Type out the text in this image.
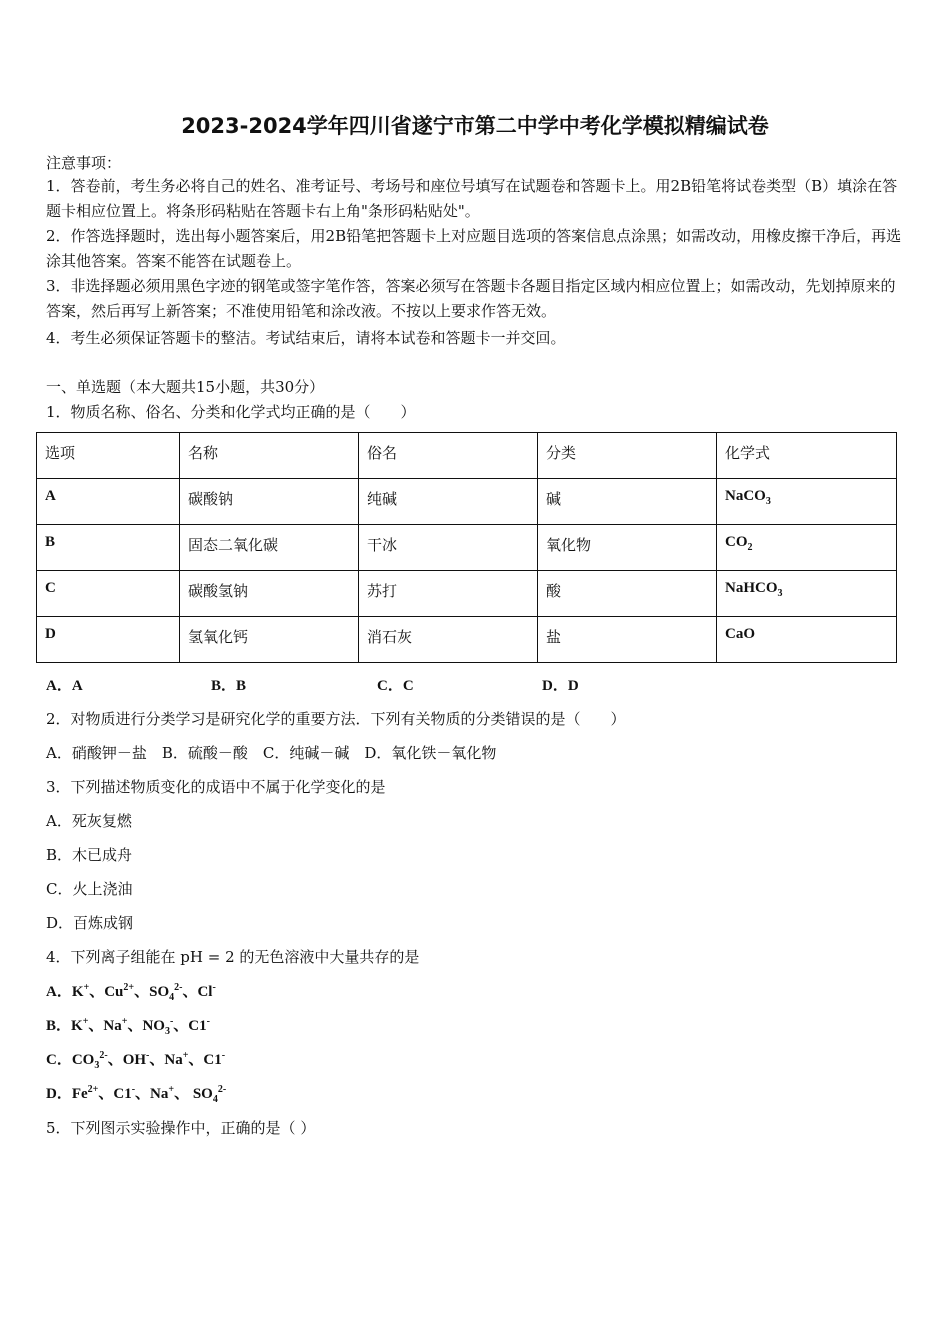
2023-2024学年四川省遂宁市第二中学中考化学模拟精编试卷
注意事项：
1．答卷前，考生务必将自己的姓名、准考证号、考场号和座位号填写在试题卷和答题卡上。用2B铅笔将试卷类型（B）填涂在答题卡相应位置上。将条形码粘贴在答题卡右上角"条形码粘贴处"。
2．作答选择题时，选出每小题答案后，用2B铅笔把答题卡上对应题目选项的答案信息点涂黑；如需改动，用橡皮擦干净后，再选涂其他答案。答案不能答在试题卷上。
3．非选择题必须用黑色字迹的钢笔或签字笔作答，答案必须写在答题卡各题目指定区域内相应位置上；如需改动，先划掉原来的答案，然后再写上新答案；不准使用铅笔和涂改液。不按以上要求作答无效。
4．考生必须保证答题卡的整洁。考试结束后，请将本试卷和答题卡一并交回。
一、单选题（本大题共15小题，共30分）
1．物质名称、俗名、分类和化学式均正确的是（　　）
选项	名称	俗名	分类	化学式
A	碳酸钠	纯碱	碱	NaCO$_3$
B	固态二氧化碳	干冰	氧化物	$CO_2$
C	碳酸氢钠	苏打	酸	NaHCO$_3$
D	氢氧化钙	消石灰	盐	CaO
A．A	B．B	C．C	D．D
2．对物质进行分类学习是研究化学的重要方法．下列有关物质的分类错误的是（　　）
A．硝酸钾－盐　B．硫酸－酸　C．纯碱－碱　D．氧化铁－氧化物
3．下列描述物质变化的成语中不属于化学变化的是
A．死灰复燃
B．木已成舟
C．火上浇油
D．百炼成钢
4．下列离子组能在 pH = 2 的无色溶液中大量共存的是
A．K+、$Cu^{2+}$、$SO_4^{2-}$、Cl-
B．K+、Na+、$NO_3^-$、C1-
C．$CO_3^{2-}$、OH-、Na+、C1-
D．$Fe^{2+}$、C1-、Na+、 $SO_4^{2-}$
5．下列图示实验操作中，正确的是（ ）
